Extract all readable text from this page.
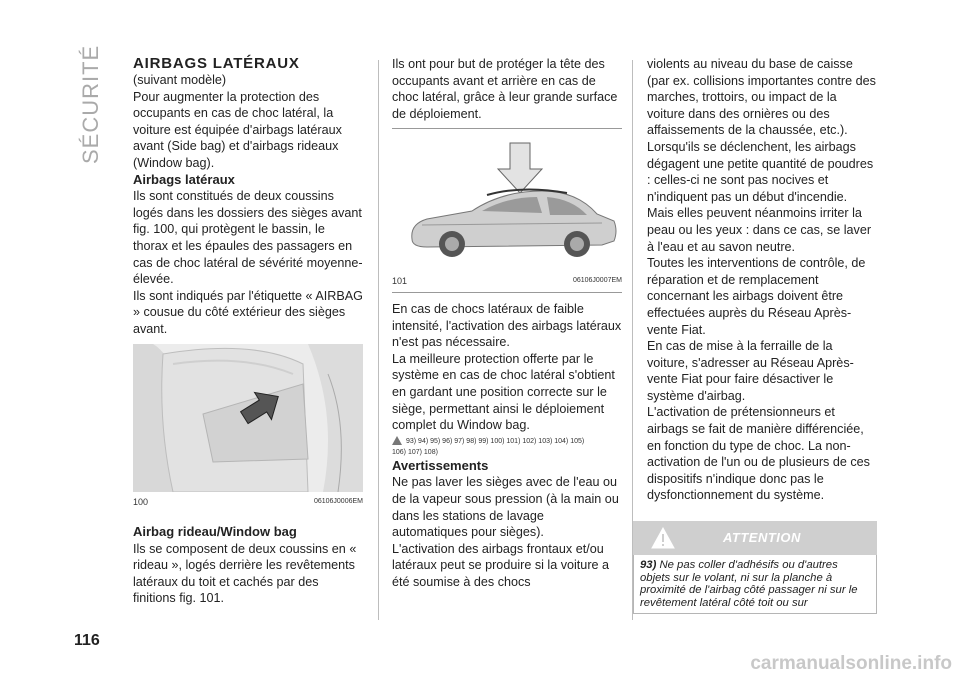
SÉCURITÉ AIRBAGS LATÉRAUX

(suivant modèle)

Pour augmenter la protection des occupants en cas de choc latéral, la voiture est équipée d'airbags latéraux avant (Side bag) et d'airbags rideaux (Window bag).

Airbags latéraux

Ils sont constitués de deux coussins logés dans les dossiers des sièges avant fig. 100, qui protègent le bassin, le thorax et les épaules des passagers en cas de choc latéral de sévérité moyenne-élevée.

Ils sont indiqués par l'étiquette « AIRBAG » cousue du côté extérieur des sièges avant.

100	06106J0006EM

Airbag rideau/Window bag

Ils se composent de deux coussins en « rideau », logés derrière les revêtements latéraux du toit et cachés par des finitions fig. 101.

Ils ont pour but de protéger la tête des occupants avant et arrière en cas de choc latéral, grâce à leur grande surface de déploiement.

101	06106J0007EM

En cas de chocs latéraux de faible intensité, l'activation des airbags latéraux n'est pas nécessaire.

La meilleure protection offerte par le système en cas de choc latéral s'obtient en gardant une position correcte sur le siège, permettant ainsi le déploiement complet du Window bag.

93) 94) 95) 96) 97) 98) 99) 100) 101) 102) 103) 104) 105)
106) 107) 108)

Avertissements

Ne pas laver les sièges avec de l'eau ou de la vapeur sous pression (à la main ou dans les stations de lavage automatiques pour sièges).

L'activation des airbags frontaux et/ou latéraux peut se produire si la voiture a été soumise à des chocs

violents au niveau du base de caisse (par ex. collisions importantes contre des marches, trottoirs, ou impact de la voiture dans des ornières ou des affaissements de la chaussée, etc.).

Lorsqu'ils se déclenchent, les airbags dégagent une petite quantité de poudres : celles-ci ne sont pas nocives et n'indiquent pas un début d'incendie. Mais elles peuvent néanmoins irriter la peau ou les yeux : dans ce cas, se laver à l'eau et au savon neutre.

Toutes les interventions de contrôle, de réparation et de remplacement concernant les airbags doivent être effectuées auprès du Réseau Après-vente Fiat.

En cas de mise à la ferraille de la voiture, s'adresser au Réseau Après-vente Fiat pour faire désactiver le système d'airbag.

L'activation de prétensionneurs et airbags se fait de manière différenciée, en fonction du type de choc. La non-activation de l'un ou de plusieurs de ces dispositifs n'indique donc pas le dysfonctionnement du système.

ATTENTION
93) Ne pas coller d'adhésifs ou d'autres objets sur le volant, ni sur la planche à proximité de l'airbag côté passager ni sur le revêtement latéral côté toit ou sur
116
carmanualsonline.info
